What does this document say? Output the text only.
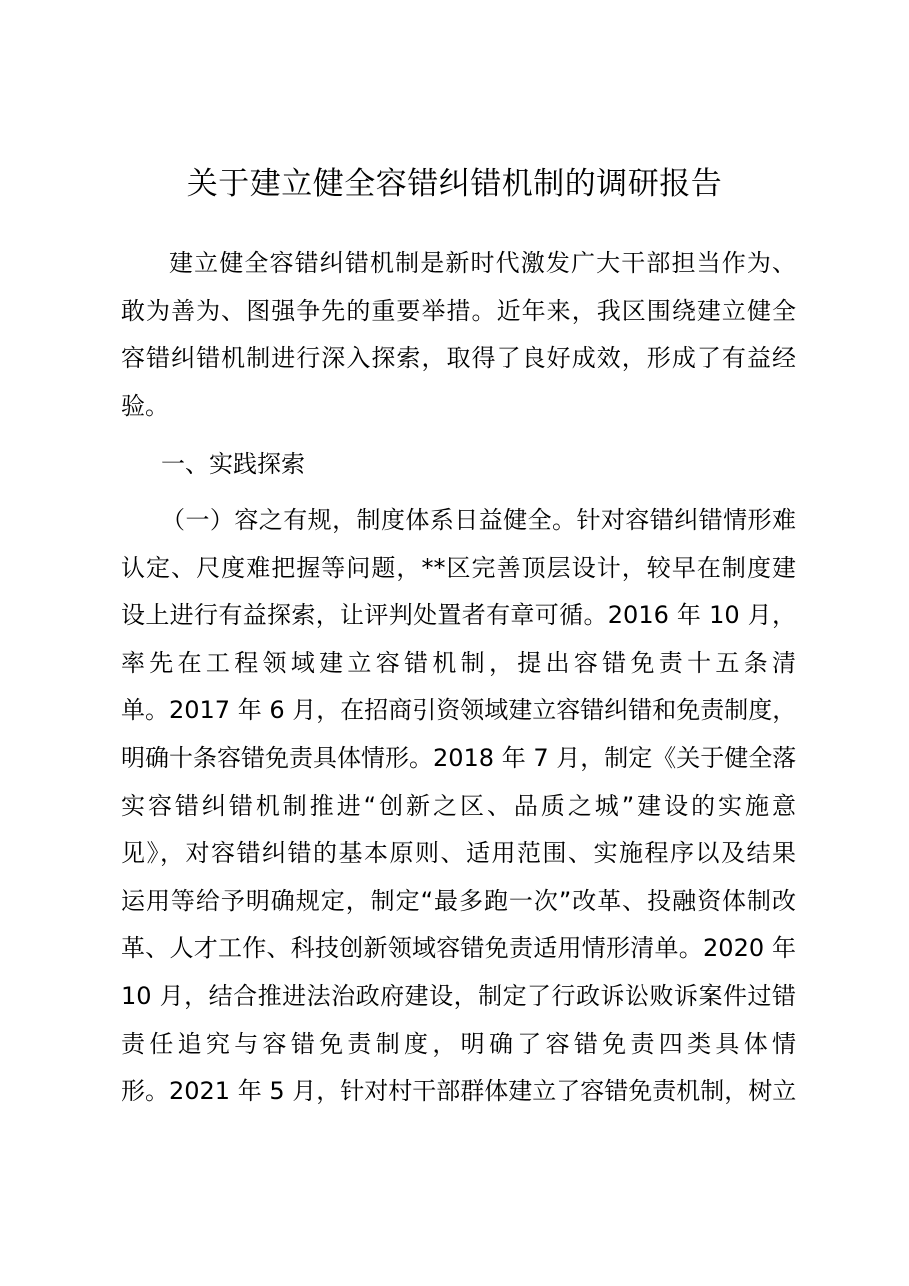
关于建立健全容错纠错机制的调研报告
建立健全容错纠错机制是新时代激发广大干部担当作为、
敢为善为、图强争先的重要举措。近年来，我区围绕建立健全
容错纠错机制进行深入探索，取得了良好成效，形成了有益经
验。
一、实践探索
（一）容之有规，制度体系日益健全。针对容错纠错情形难
认定、尺度难把握等问题，**区完善顶层设计，较早在制度建
设上进行有益探索，让评判处置者有章可循。2016 年 10 月，
率先在工程领域建立容错机制，提出容错免责十五条清
单。2017 年 6 月，在招商引资领域建立容错纠错和免责制度，
明确十条容错免责具体情形。2018 年 7 月，制定《关于健全落
实容错纠错机制推进“创新之区、品质之城”建设的实施意
见》，对容错纠错的基本原则、适用范围、实施程序以及结果
运用等给予明确规定，制定“最多跑一次”改革、投融资体制改
革、人才工作、科技创新领域容错免责适用情形清单。2020 年
10 月，结合推进法治政府建设，制定了行政诉讼败诉案件过错
责任追究与容错免责制度，明确了容错免责四类具体情
形。2021 年 5 月，针对村干部群体建立了容错免责机制，树立
